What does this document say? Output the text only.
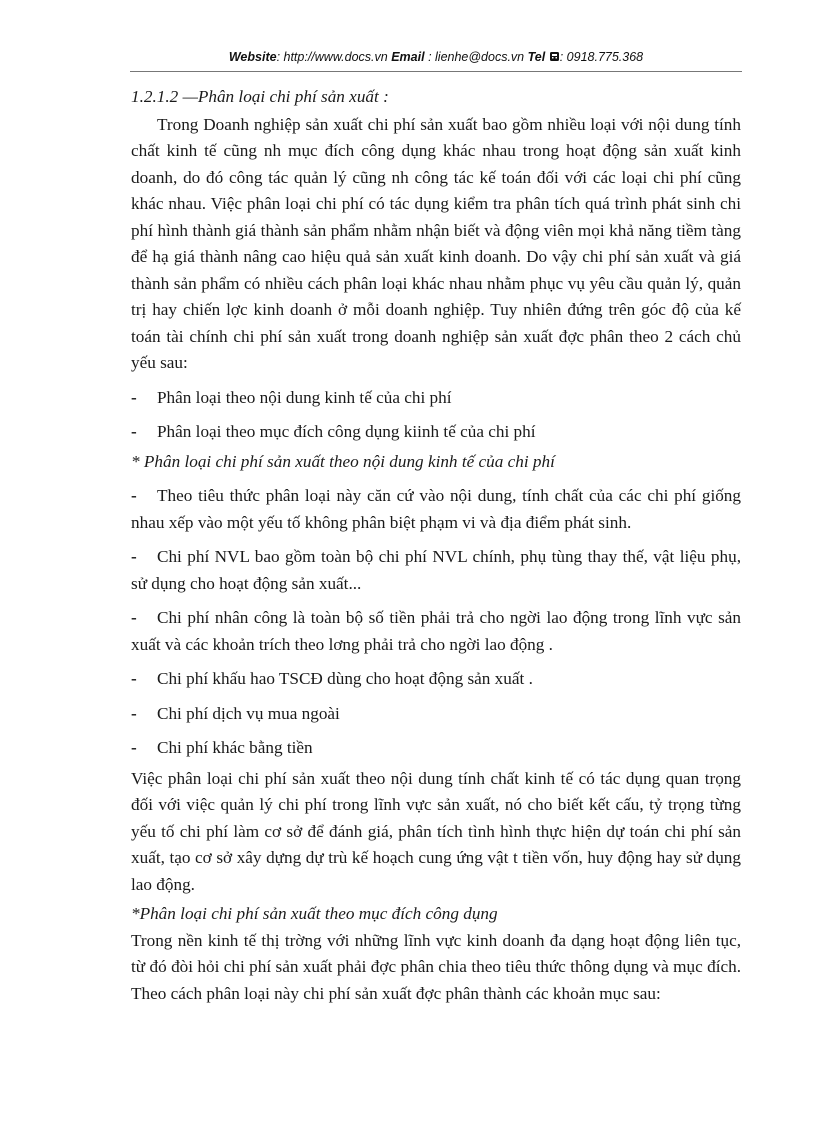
Website: http://www.docs.vn Email : lienhe@docs.vn Tel : 0918.775.368

1.2.1.2 —Phân loại chi phí sản xuất :

Trong Doanh nghiệp sản xuất chi phí sản xuất bao gồm nhiều loại với nội dung tính chất kinh tế cũng nh mục đích công dụng khác nhau trong hoạt động sản xuất kinh doanh, do đó công tác quản lý cũng nh công tác kế toán đối với các loại chi phí cũng khác nhau. Việc phân loại chi phí có tác dụng kiểm tra phân tích quá trình phát sinh chi phí hình thành giá thành sản phẩm nhằm nhận biết và động viên mọi khả năng tiềm tàng để hạ giá thành nâng cao hiệu quả sản xuất kinh doanh. Do vậy chi phí sản xuất và giá thành sản phẩm có nhiều cách phân loại khác nhau nhằm phục vụ yêu cầu quản lý, quản trị hay chiến lợc kinh doanh ở mỗi doanh nghiệp. Tuy nhiên đứng trên góc độ của kế toán tài chính chi phí sản xuất trong doanh nghiệp sản xuất đợc phân theo 2 cách chủ yếu sau:

- Phân loại theo nội dung kinh tế của chi phí

- Phân loại theo mục đích công dụng kiinh tế của chi phí

* Phân loại chi phí sản xuất theo nội dung kinh tế của chi phí

- Theo tiêu thức phân loại này căn cứ vào nội dung, tính chất của các chi phí giống nhau xếp vào một yếu tố không phân biệt phạm vi và địa điểm phát sinh.

- Chi phí NVL bao gồm toàn bộ chi phí NVL chính, phụ tùng thay thế, vật liệu phụ, sử dụng cho hoạt động sản xuất...

- Chi phí nhân công là toàn bộ số tiền phải trả cho ngời lao động trong lĩnh vực sản xuất và các khoản trích theo lơng phải trả cho ngời lao động .

- Chi phí khấu hao TSCĐ dùng cho hoạt động sản xuất .

- Chi phí dịch vụ mua ngoài

- Chi phí khác bằng tiền

Việc phân loại chi phí sản xuất theo nội dung tính chất kinh tế có tác dụng quan trọng đối với việc quản lý chi phí trong lĩnh vực sản xuất, nó cho biết kết cấu, tỷ trọng từng yếu tố chi phí làm cơ sở để đánh giá, phân tích tình hình thực hiện dự toán chi phí sản xuất, tạo cơ sở xây dựng dự trù kế hoạch cung ứng vật t tiền vốn, huy động hay sử dụng lao động.

*Phân loại chi phí sản xuất theo mục đích công dụng

Trong nền kinh tế thị trờng với những lĩnh vực kinh doanh đa dạng hoạt động liên tục, từ đó đòi hỏi chi phí sản xuất phải đợc phân chia theo tiêu thức thông dụng và mục đích. Theo cách phân loại này chi phí sản xuất đợc phân thành các khoản mục sau:
